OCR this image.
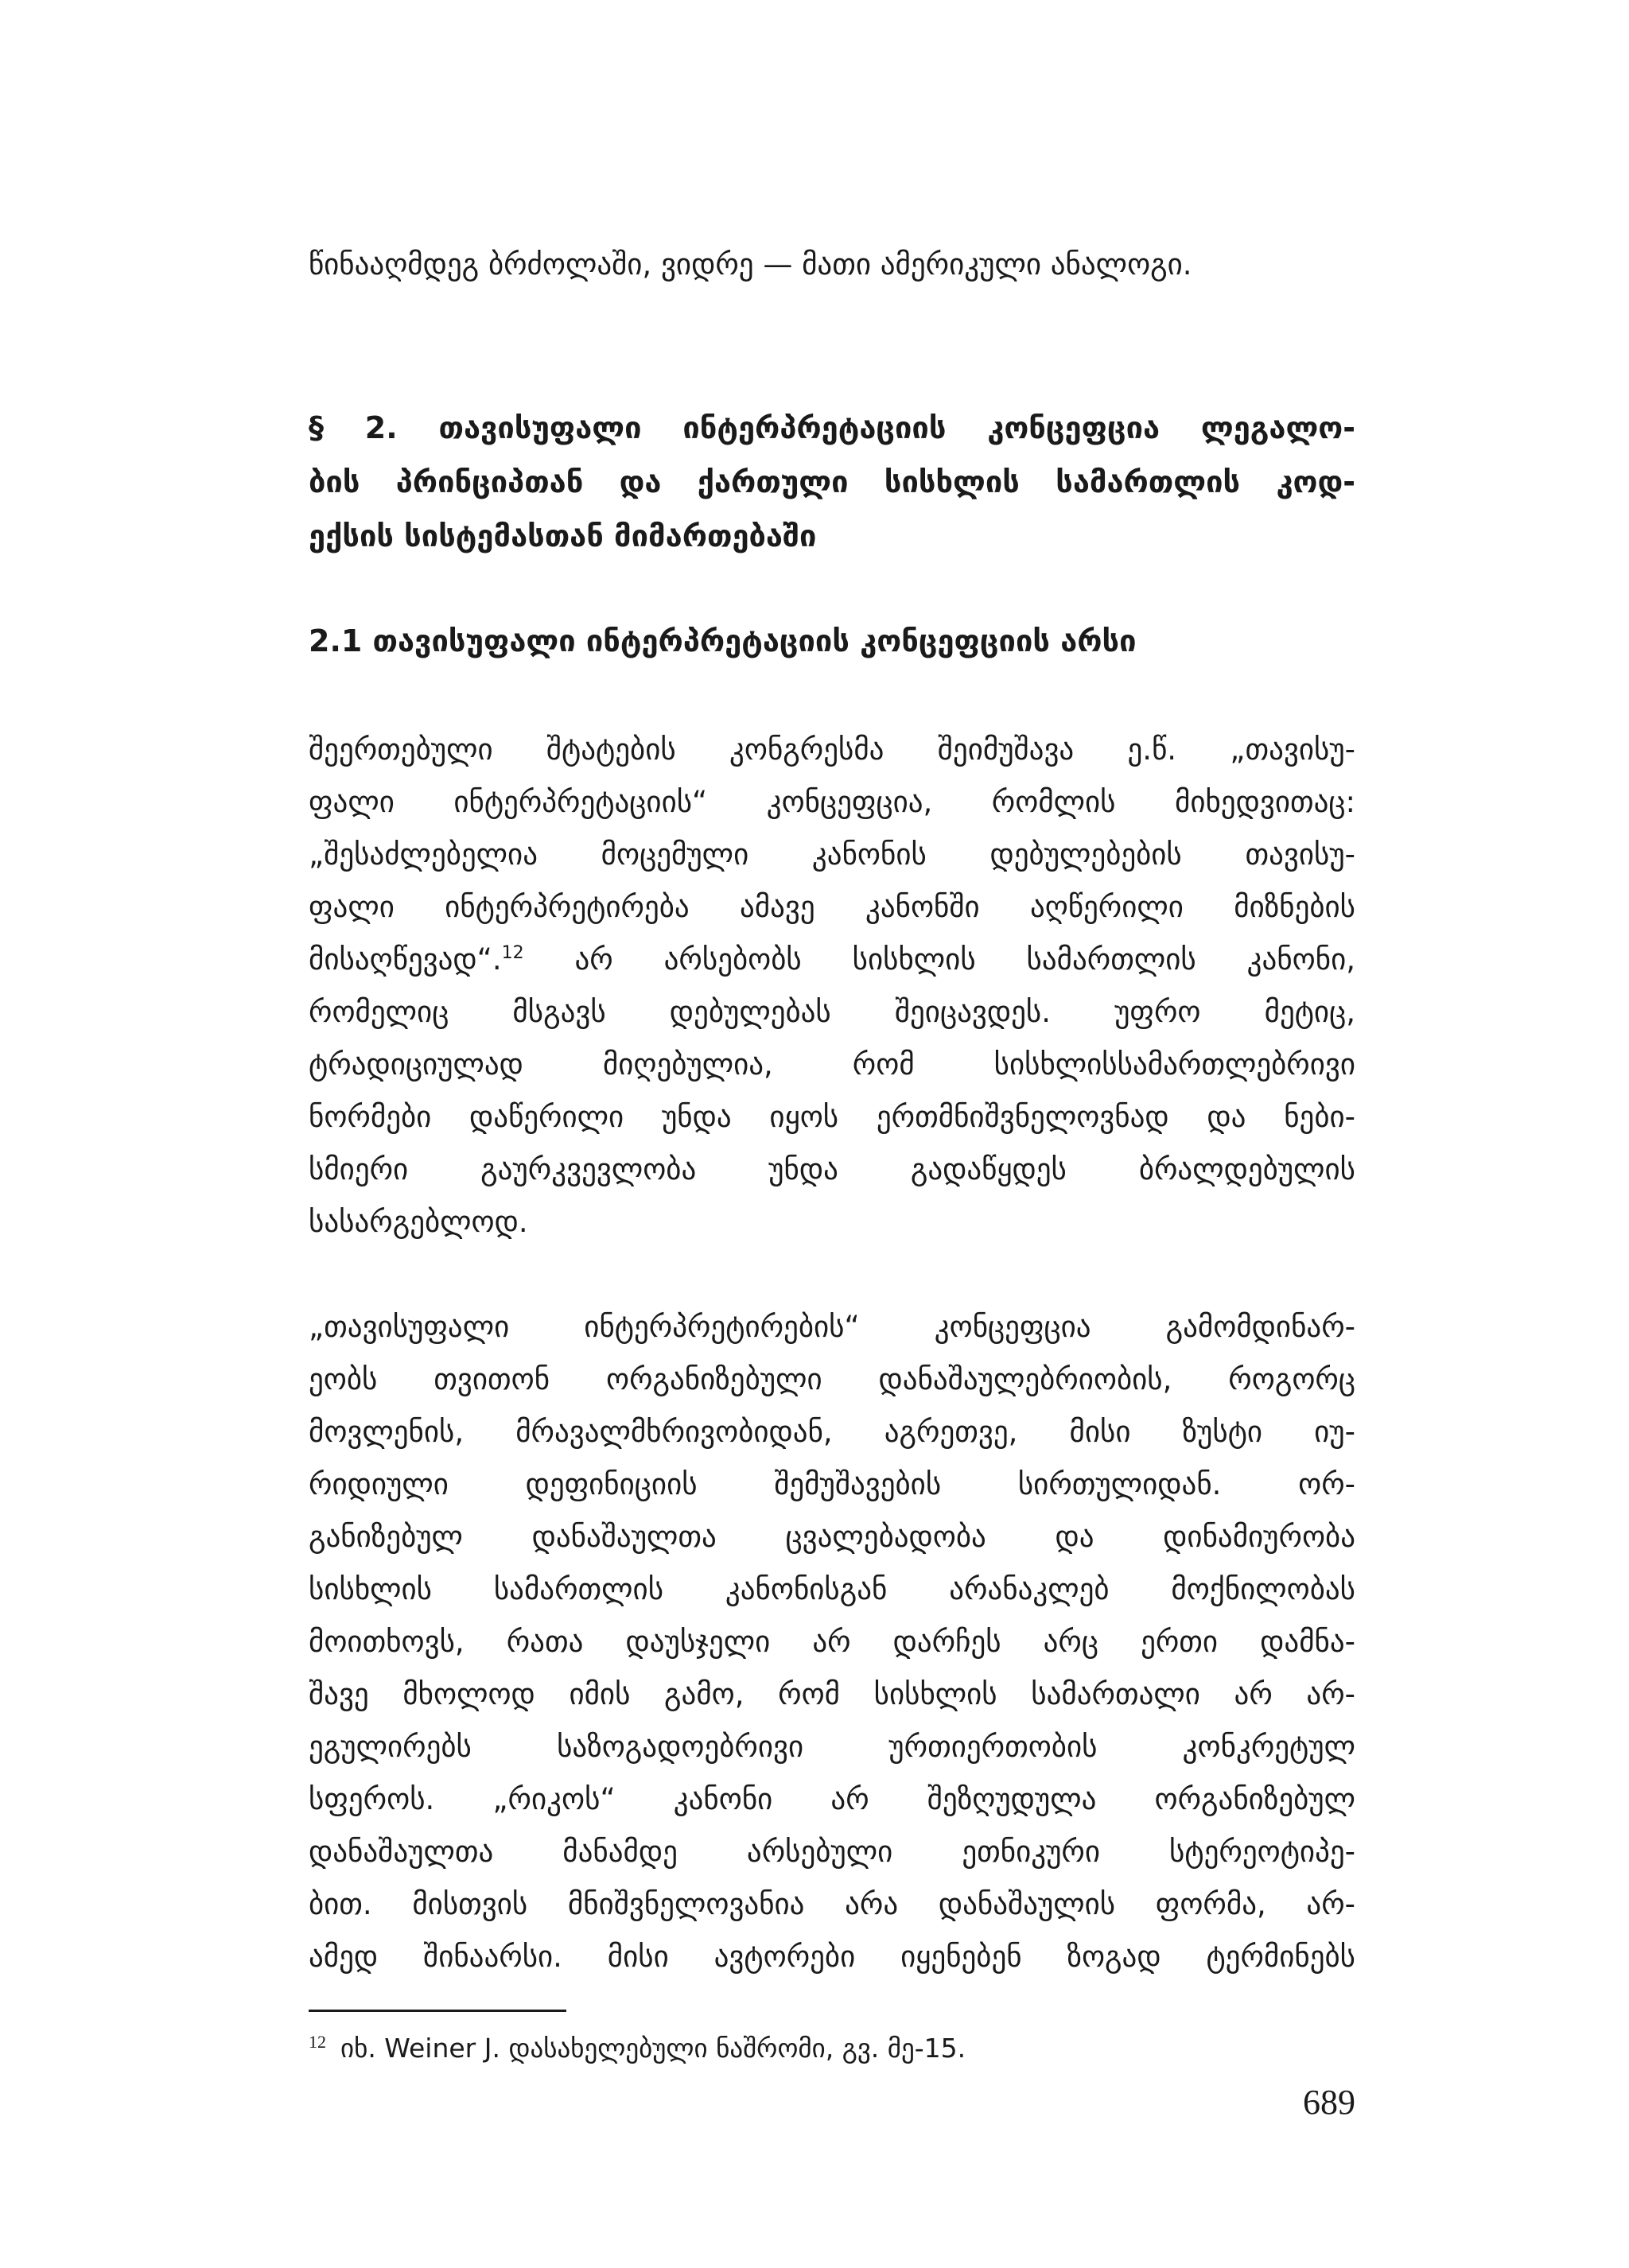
წინააღმდეგ ბრძოლაში, ვიდრე — მათი ამერიკული ანალოგი.
§ 2. თავისუფალი ინტერპრეტაციის კონცეფცია ლეგალო-
ბის პრინციპთან და ქართული სისხლის სამართლის კოდ-
ექსის სისტემასთან მიმართებაში
2.1 თავისუფალი ინტერპრეტაციის კონცეფციის არსი
შეერთებული შტატების კონგრესმა შეიმუშავა ე.წ. „თავისუ-
ფალი ინტერპრეტაციის“ კონცეფცია, რომლის მიხედვითაც:
„შესაძლებელია მოცემული კანონის დებულებების თავისუ-
ფალი ინტერპრეტირება ამავე კანონში აღწერილი მიზნების
მისაღწევად“.$^{12}$ არ არსებობს სისხლის სამართლის კანონი,
რომელიც მსგავს დებულებას შეიცავდეს. უფრო მეტიც,
ტრადიციულად მიღებულია, რომ სისხლისსამართლებრივი
ნორმები დაწერილი უნდა იყოს ერთმნიშვნელოვნად და ნები-
სმიერი გაურკვევლობა უნდა გადაწყდეს ბრალდებულის
სასარგებლოდ.
„თავისუფალი ინტერპრეტირების“ კონცეფცია გამომდინარ-
ეობს თვითონ ორგანიზებული დანაშაულებრიობის, როგორც
მოვლენის, მრავალმხრივობიდან, აგრეთვე, მისი ზუსტი იუ-
რიდიული დეფინიციის შემუშავების სირთულიდან. ორ-
განიზებულ დანაშაულთა ცვალებადობა და დინამიურობა
სისხლის სამართლის კანონისგან არანაკლებ მოქნილობას
მოითხოვს, რათა დაუსჯელი არ დარჩეს არც ერთი დამნა-
შავე მხოლოდ იმის გამო, რომ სისხლის სამართალი არ არ-
ეგულირებს საზოგადოებრივი ურთიერთობის კონკრეტულ
სფეროს. „რიკოს“ კანონი არ შეზღუდულა ორგანიზებულ
დანაშაულთა მანამდე არსებული ეთნიკური სტერეოტიპე-
ბით. მისთვის მნიშვნელოვანია არა დანაშაულის ფორმა, არ-
ამედ შინაარსი. მისი ავტორები იყენებენ ზოგად ტერმინებს
$^{12}$ იხ. Weiner J. დასახელებული ნაშრომი, გვ. მე-15.
689
